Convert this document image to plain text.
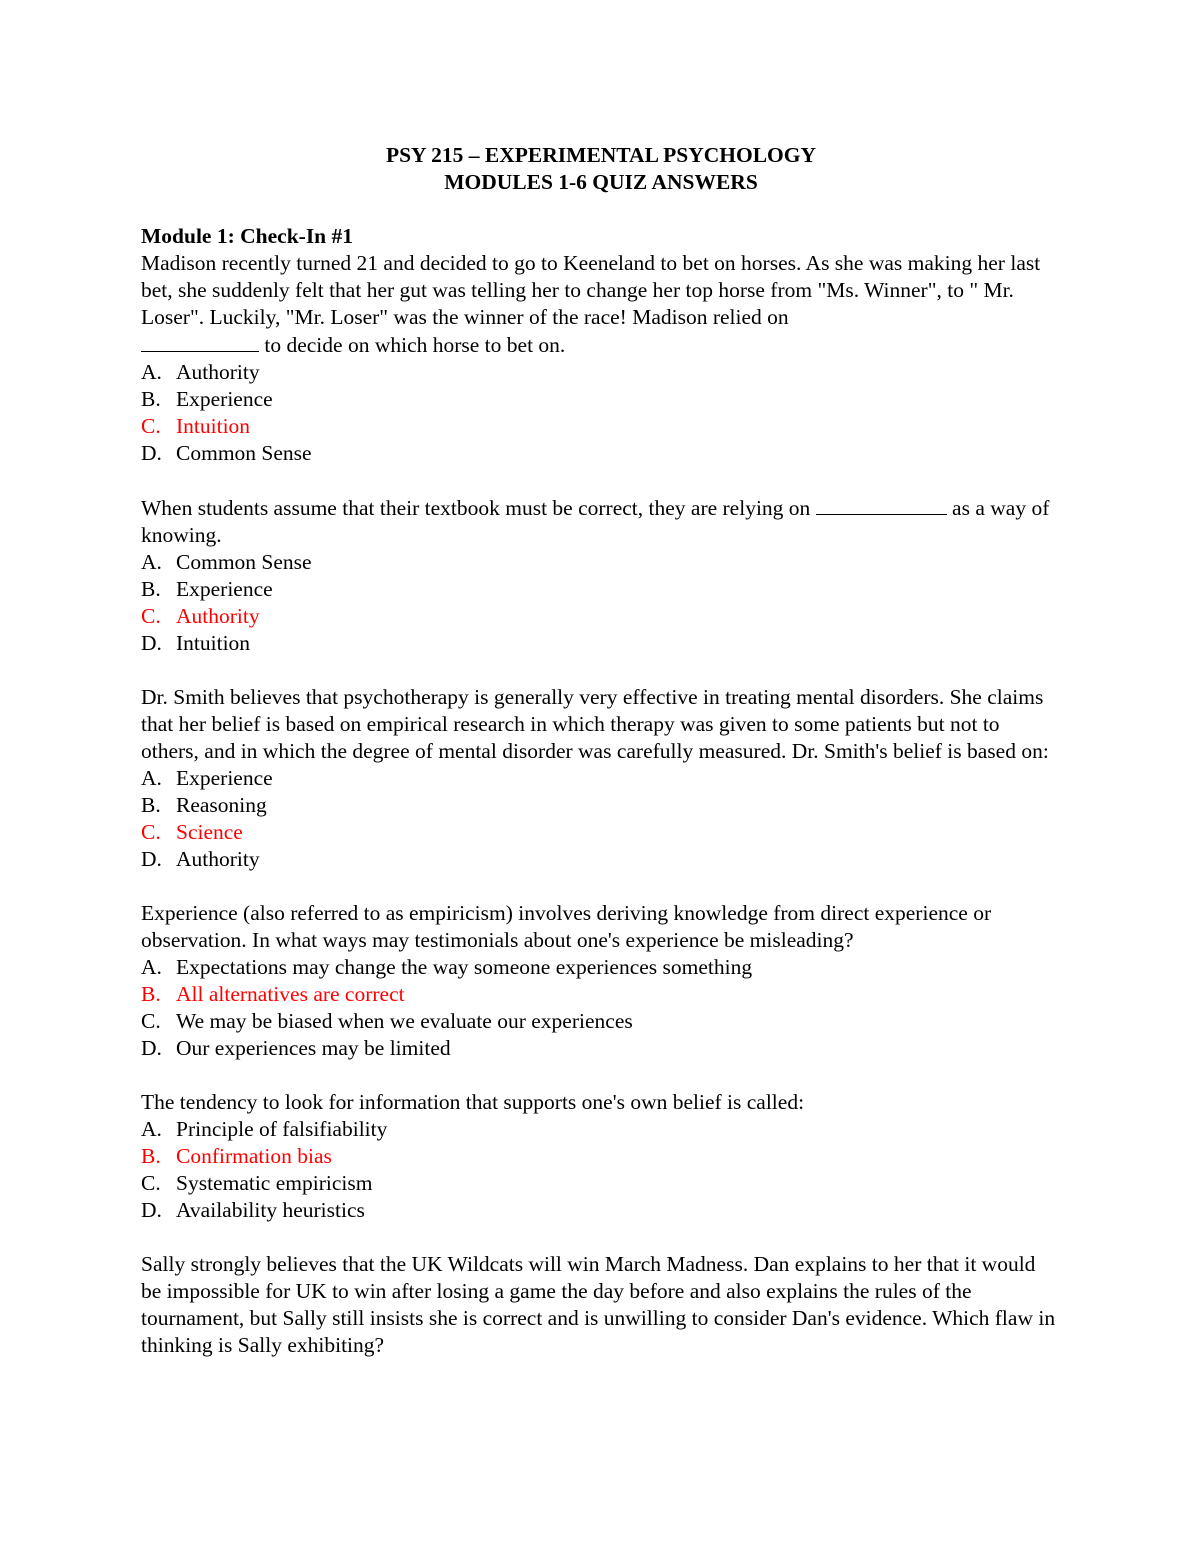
PSY 215 – EXPERIMENTAL PSYCHOLOGY
MODULES 1-6 QUIZ ANSWERS
Module 1: Check-In #1

Madison recently turned 21 and decided to go to Keeneland to bet on horses. As she was making her last bet, she suddenly felt that her gut was telling her to change her top horse from "Ms. Winner", to " Mr. Loser". Luckily, "Mr. Loser" was the winner of the race! Madison relied on
to decide on which horse to bet on.

A. Authority
B. Experience
C. Intuition
D. Common Sense

When students assume that their textbook must be correct, they are relying on	as a way of knowing.

A. Common Sense
B. Experience
C. Authority
D. Intuition

Dr. Smith believes that psychotherapy is generally very effective in treating mental disorders. She claims that her belief is based on empirical research in which therapy was given to some patients but not to others, and in which the degree of mental disorder was carefully measured. Dr. Smith's belief is based on:

A. Experience
B. Reasoning
C. Science
D. Authority

Experience (also referred to as empiricism) involves deriving knowledge from direct experience or observation. In what ways may testimonials about one's experience be misleading?

A. Expectations may change the way someone experiences something
B. All alternatives are correct
C. We may be biased when we evaluate our experiences
D. Our experiences may be limited

The tendency to look for information that supports one's own belief is called:

A. Principle of falsifiability
B. Confirmation bias
C. Systematic empiricism
D. Availability heuristics

Sally strongly believes that the UK Wildcats will win March Madness. Dan explains to her that it would be impossible for UK to win after losing a game the day before and also explains the rules of the tournament, but Sally still insists she is correct and is unwilling to consider Dan's evidence. Which flaw in thinking is Sally exhibiting?
